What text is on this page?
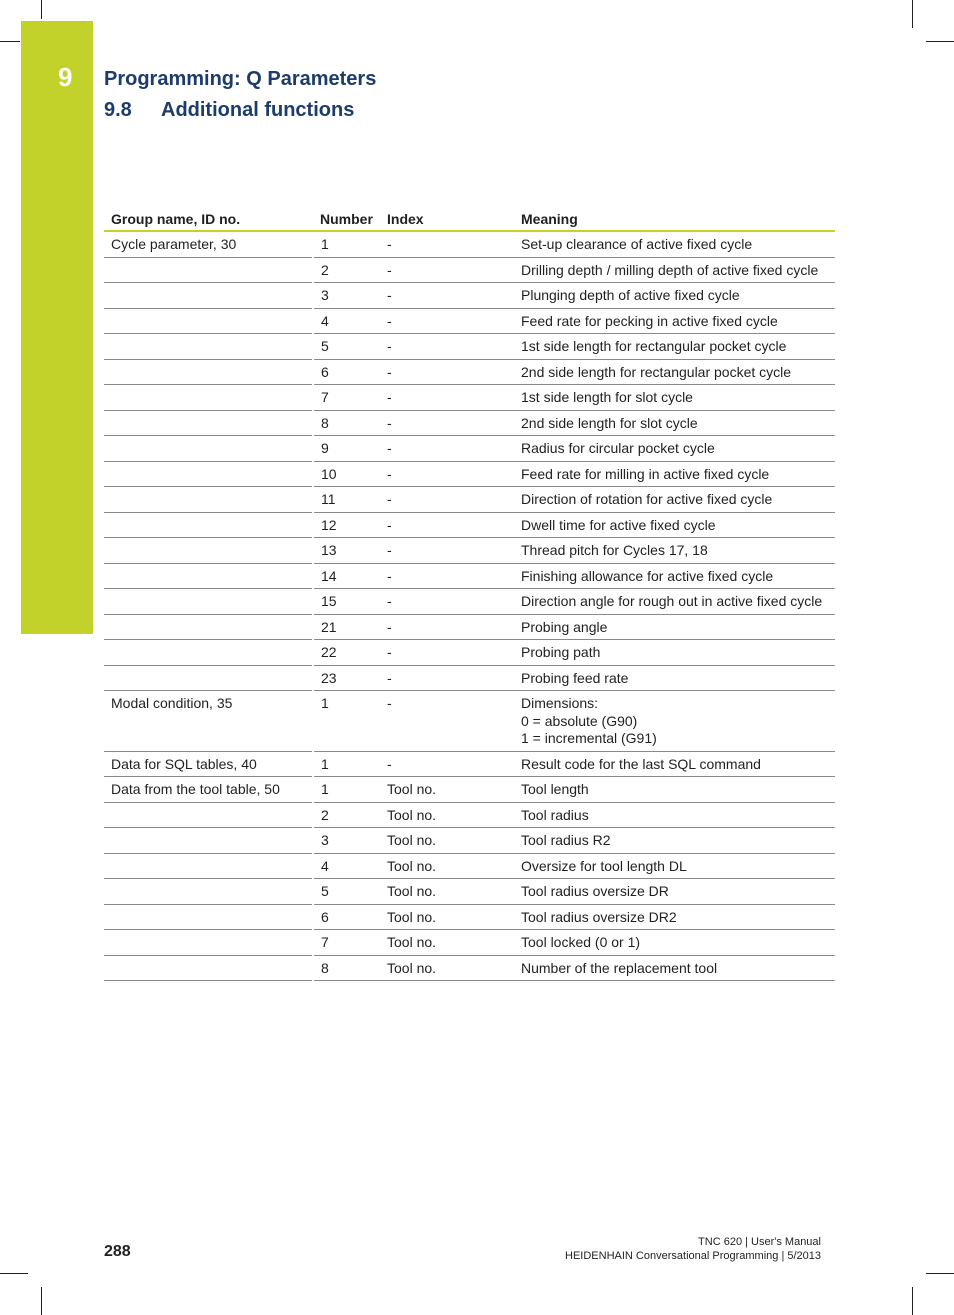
9 Programming: Q Parameters
9.8 Additional functions
Group name, ID no.	Number	Index	Meaning
Cycle parameter, 30	1	-	Set-up clearance of active fixed cycle

	2	-	Drilling depth / milling depth of active fixed cycle

	3	-	Plunging depth of active fixed cycle

	4	-	Feed rate for pecking in active fixed cycle

	5	-	1st side length for rectangular pocket cycle

	6	-	2nd side length for rectangular pocket cycle

	7	-	1st side length for slot cycle

	8	-	2nd side length for slot cycle

	9	-	Radius for circular pocket cycle

	10	-	Feed rate for milling in active fixed cycle

	11	-	Direction of rotation for active fixed cycle

	12	-	Dwell time for active fixed cycle

	13	-	Thread pitch for Cycles 17, 18

	14	-	Finishing allowance for active fixed cycle

	15	-	Direction angle for rough out in active fixed cycle

	21	-	Probing angle

	22	-	Probing path

	23	-	Probing feed rate

Modal condition, 35	1	-	Dimensions:
0 = absolute (G90)
1 = incremental (G91)

Data for SQL tables, 40	1	-	Result code for the last SQL command

Data from the tool table, 50	1	Tool no.	Tool length

	2	Tool no.	Tool radius

	3	Tool no.	Tool radius R2

	4	Tool no.	Oversize for tool length DL

	5	Tool no.	Tool radius oversize DR

	6	Tool no.	Tool radius oversize DR2

	7	Tool no.	Tool locked (0 or 1)

	8	Tool no.	Number of the replacement tool
288
TNC 620 | User's Manual
HEIDENHAIN Conversational Programming | 5/2013
